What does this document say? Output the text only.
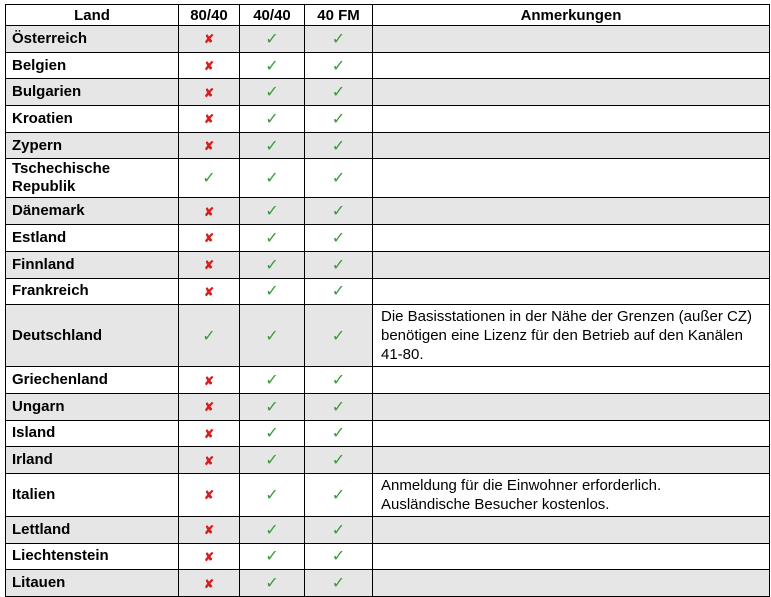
Land	80/40	40/40	40 FM	Anmerkungen
Österreich	✘	✓	✓	
Belgien	✘	✓	✓	
Bulgarien	✘	✓	✓	
Kroatien	✘	✓	✓	
Zypern	✘	✓	✓	
Tschechische
Republik	✓	✓	✓	
Dänemark	✘	✓	✓	
Estland	✘	✓	✓	
Finnland	✘	✓	✓	
Frankreich	✘	✓	✓	
Deutschland	✓	✓	✓	Die Basisstationen in der Nähe der Grenzen (außer CZ) benötigen eine Lizenz für den Betrieb auf den Kanälen 41-80.
Griechenland	✘	✓	✓	
Ungarn	✘	✓	✓	
Island	✘	✓	✓	
Irland	✘	✓	✓	
Italien	✘	✓	✓	Anmeldung für die Einwohner erforderlich.
Ausländische Besucher kostenlos.
Lettland	✘	✓	✓	
Liechtenstein	✘	✓	✓	
Litauen	✘	✓	✓	
